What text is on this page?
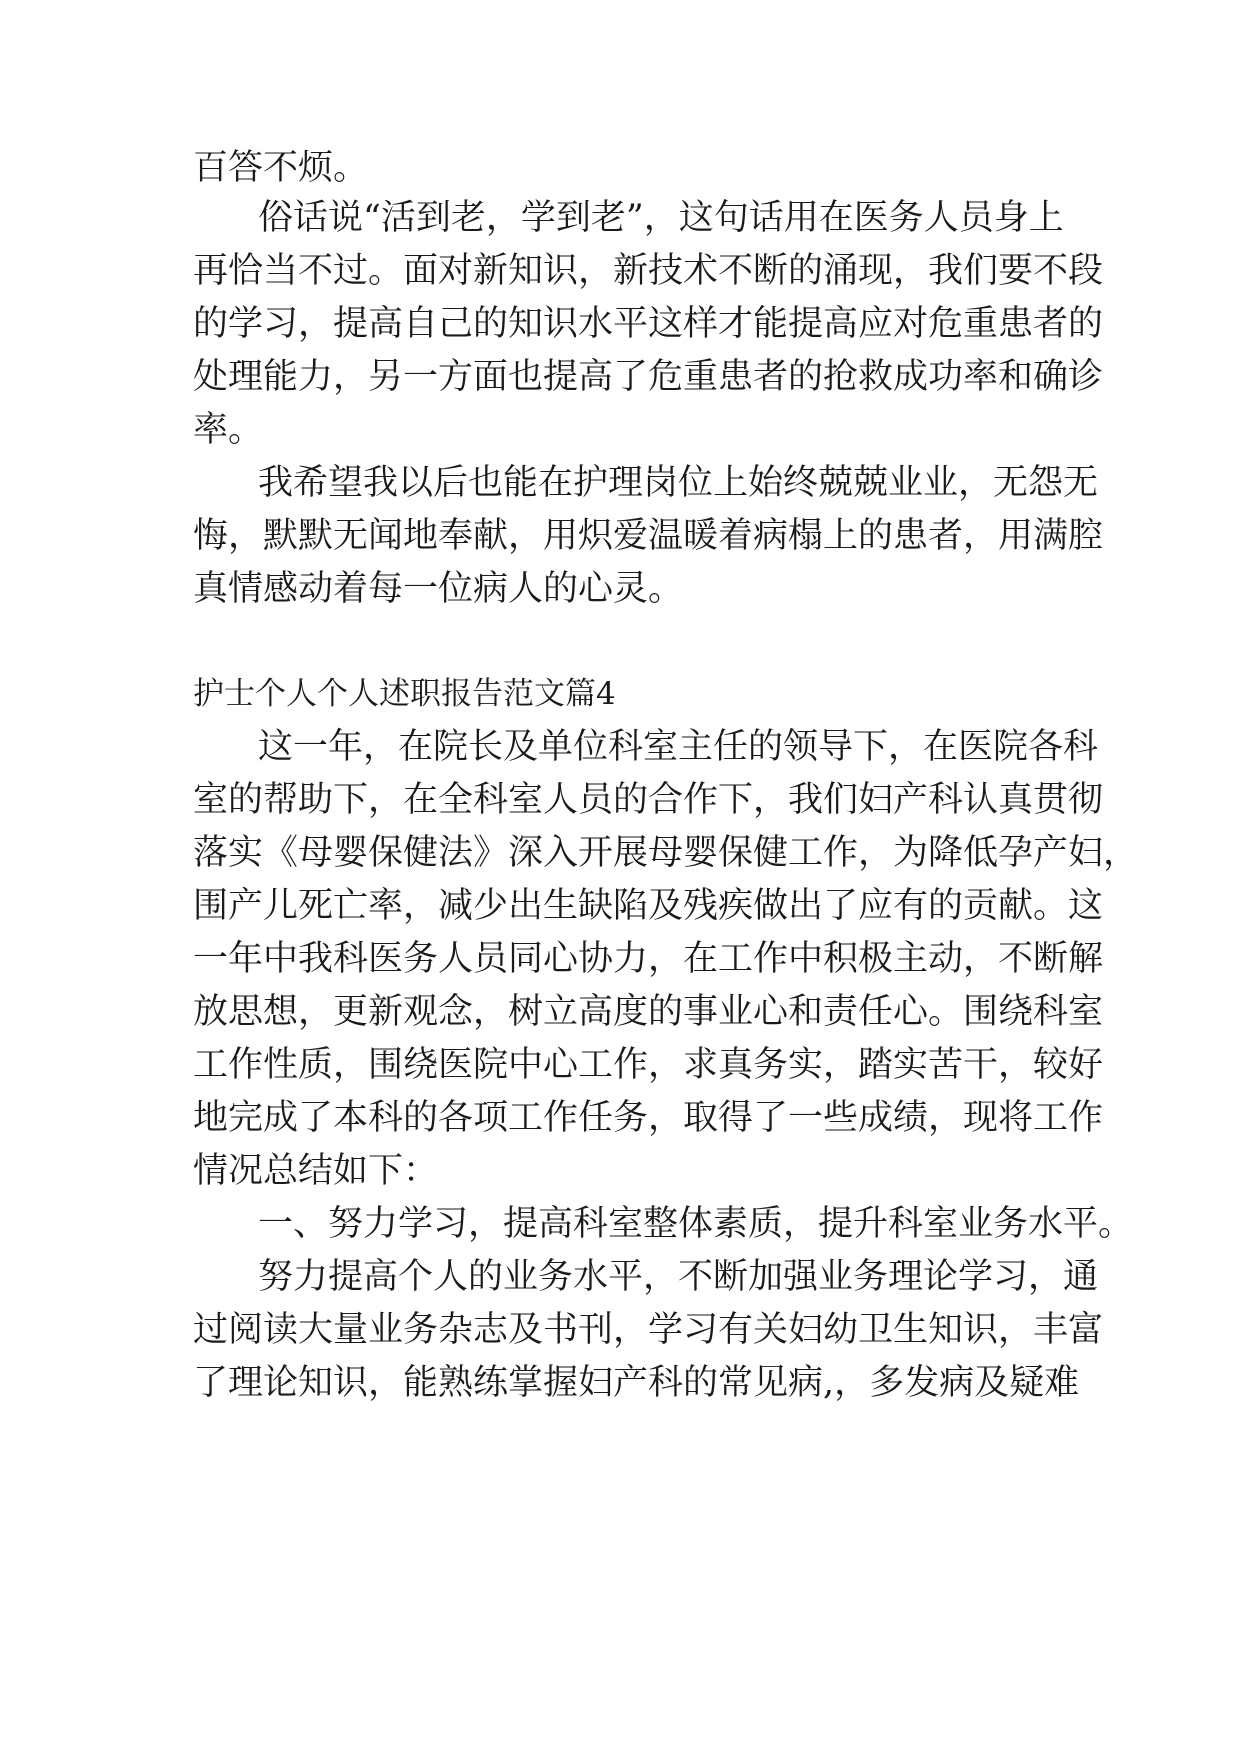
百答不烦。
俗话说“活到老，学到老”，这句话用在医务人员身上
再恰当不过。面对新知识，新技术不断的涌现，我们要不段
的学习，提高自己的知识水平这样才能提高应对危重患者的
处理能力，另一方面也提高了危重患者的抢救成功率和确诊
率。
我希望我以后也能在护理岗位上始终兢兢业业，无怨无
悔，默默无闻地奉献，用炽爱温暖着病榻上的患者，用满腔
真情感动着每一位病人的心灵。
护士个人个人述职报告范文篇4
这一年，在院长及单位科室主任的领导下，在医院各科
室的帮助下，在全科室人员的合作下，我们妇产科认真贯彻
落实《母婴保健法》深入开展母婴保健工作，为降低孕产妇，
围产儿死亡率，减少出生缺陷及残疾做出了应有的贡献。这
一年中我科医务人员同心协力，在工作中积极主动，不断解
放思想，更新观念，树立高度的事业心和责任心。围绕科室
工作性质，围绕医院中心工作，求真务实，踏实苦干，较好
地完成了本科的各项工作任务，取得了一些成绩，现将工作
情况总结如下：
一、努力学习，提高科室整体素质，提升科室业务水平。
努力提高个人的业务水平，不断加强业务理论学习，通
过阅读大量业务杂志及书刊，学习有关妇幼卫生知识，丰富
了理论知识，能熟练掌握妇产科的常见病,，多发病及疑难
